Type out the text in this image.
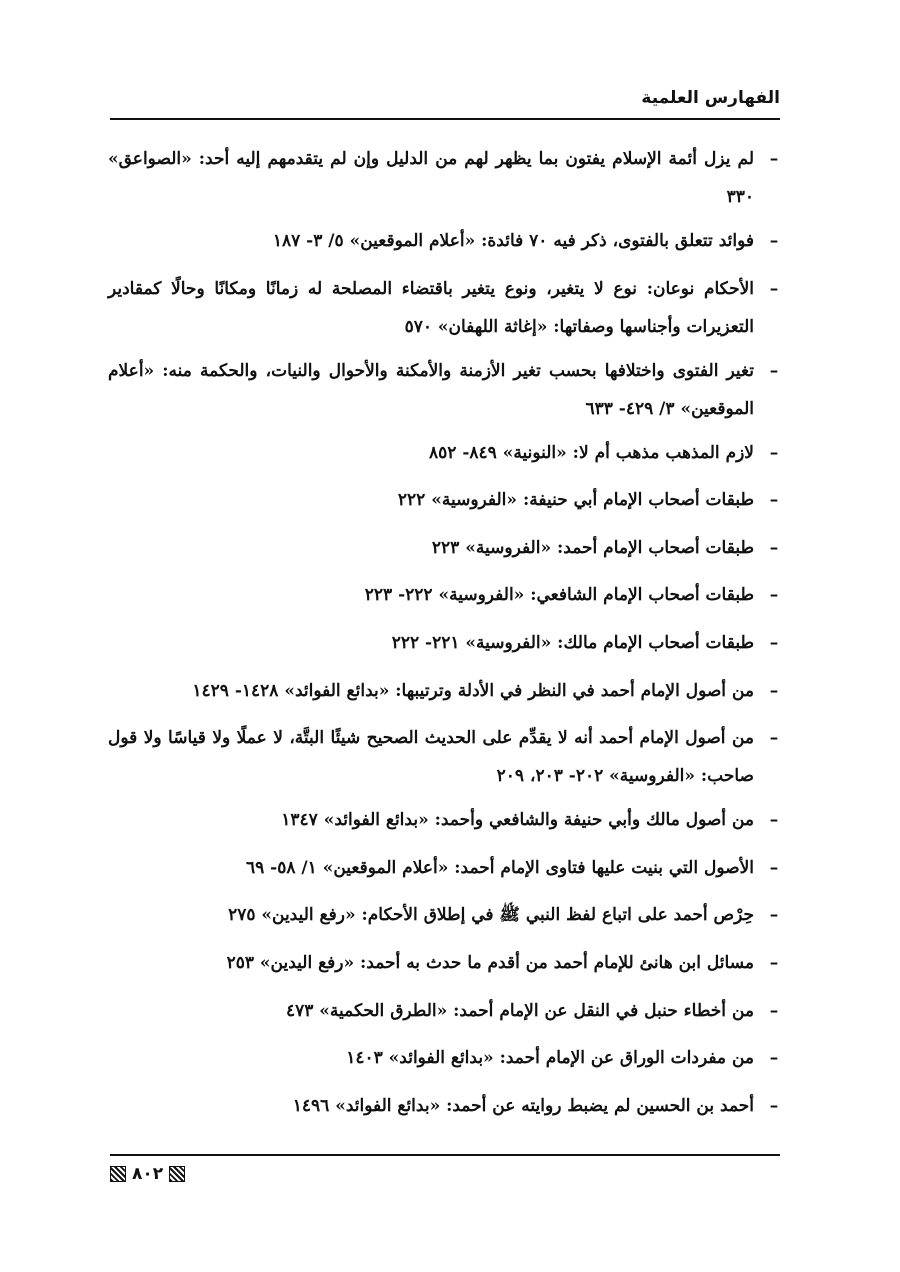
الفهارس العلمية
–
لم يزل أئمة الإسلام يفتون بما يظهر لهم من الدليل وإن لم يتقدمهم إليه أحد: «الصواعق» ٣٣٠
–
فوائد تتعلق بالفتوى، ذكر فيه ٧٠ فائدة: «أعلام الموقعين» ٥/ ٣- ١٨٧
–
الأحكام نوعان: نوع لا يتغير، ونوع يتغير باقتضاء المصلحة له زمانًا ومكانًا وحالًا كمقادير التعزيرات وأجناسها وصفاتها: «إغاثة اللهفان» ٥٧٠
–
تغير الفتوى واختلافها بحسب تغير الأزمنة والأمكنة والأحوال والنيات، والحكمة منه: «أعلام الموقعين» ٣/ ٤٢٩- ٦٣٣
–
لازم المذهب مذهب أم لا: «النونية» ٨٤٩- ٨٥٢
–
طبقات أصحاب الإمام أبي حنيفة: «الفروسية» ٢٢٢
–
طبقات أصحاب الإمام أحمد: «الفروسية» ٢٢٣
–
طبقات أصحاب الإمام الشافعي: «الفروسية» ٢٢٢- ٢٢٣
–
طبقات أصحاب الإمام مالك: «الفروسية» ٢٢١- ٢٢٢
–
من أصول الإمام أحمد في النظر في الأدلة وترتيبها: «بدائع الفوائد» ١٤٢٨- ١٤٢٩
–
من أصول الإمام أحمد أنه لا يقدِّم على الحديث الصحيح شيئًا البتَّة، لا عملًا ولا قياسًا ولا قول صاحب: «الفروسية» ٢٠٢- ٢٠٣، ٢٠٩
–
من أصول مالك وأبي حنيفة والشافعي وأحمد: «بدائع الفوائد» ١٣٤٧
–
الأصول التي بنيت عليها فتاوى الإمام أحمد: «أعلام الموقعين» ١/ ٥٨- ٦٩
–
حِرْص أحمد على اتباع لفظ النبي ﷺ في إطلاق الأحكام: «رفع اليدين» ٢٧٥
–
مسائل ابن هانئ للإمام أحمد من أقدم ما حدث به أحمد: «رفع اليدين» ٢٥٣
–
من أخطاء حنبل في النقل عن الإمام أحمد: «الطرق الحكمية» ٤٧٣
–
من مفردات الوراق عن الإمام أحمد: «بدائع الفوائد» ١٤٠٣
–
أحمد بن الحسين لم يضبط روايته عن أحمد: «بدائع الفوائد» ١٤٩٦
٨٠٢
